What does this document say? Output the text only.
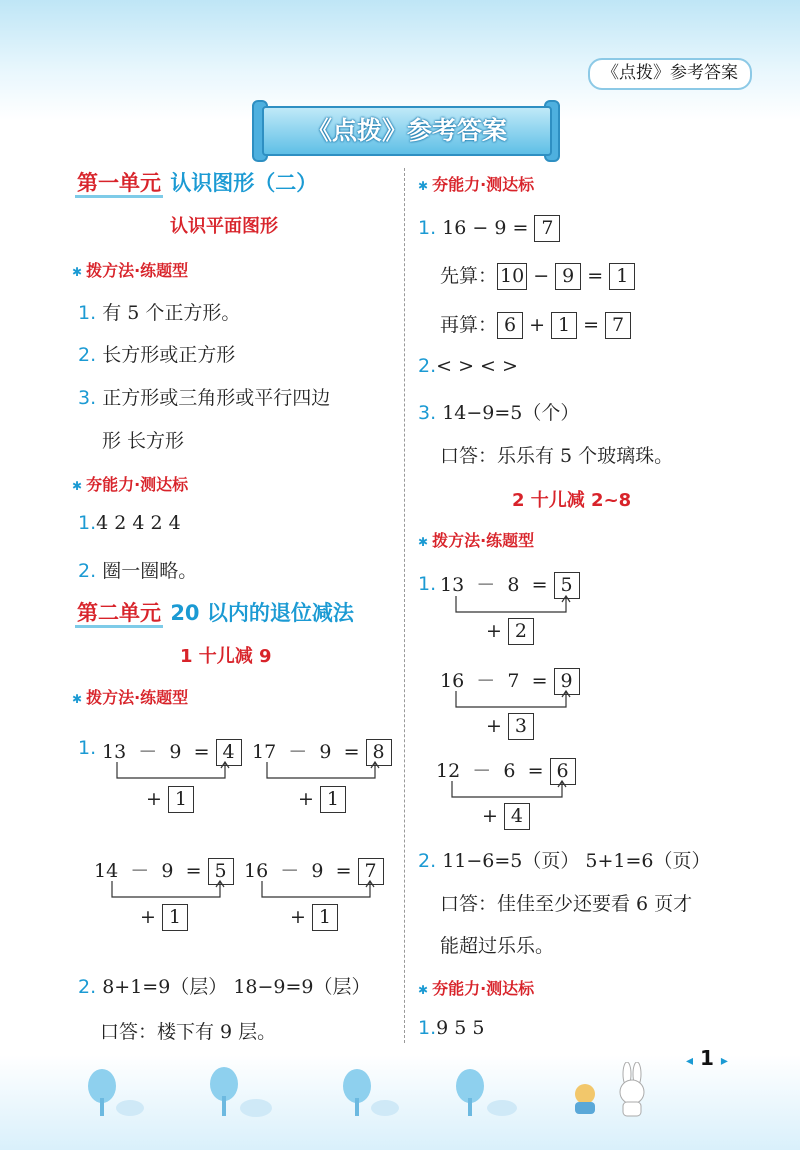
《点拨》参考答案
《点拨》参考答案
第一单元 认识图形（二）
认识平面图形
✱ 拨方法·练题型
1. 有 5 个正方形。
2. 长方形或正方形
3. 正方形或三角形或平行四边
形 长方形
✱ 夯能力·测达标
1.4 2 4 2 4
2. 圈一圈略。
第二单元 20 以内的退位减法
1 十儿减 9
✱ 拨方法·练题型
1. 13 － 9 = 4
+ 1
17 － 9 = 8
+ 1
14 － 9 = 5
+ 1
16 － 9 = 7
+ 1
2. 8+1=9（层） 18−9=9（层）
口答：楼下有 9 层。
✱ 夯能力·测达标
1. 16 − 9 = 7
先算： 10 − 9 = 1
再算： 6 + 1 = 7
2.< > < >
3. 14−9=5（个）
口答：乐乐有 5 个玻璃珠。
2 十儿减 2~8
✱ 拨方法·练题型
1. 13 － 8 = 5
+ 2
16 － 7 = 9
+ 3
12 － 6 = 6
+ 4
2. 11−6=5（页） 5+1=6（页）
口答：佳佳至少还要看 6 页才
能超过乐乐。
✱ 夯能力·测达标
1.9 5 5
◂ 1 ▸
